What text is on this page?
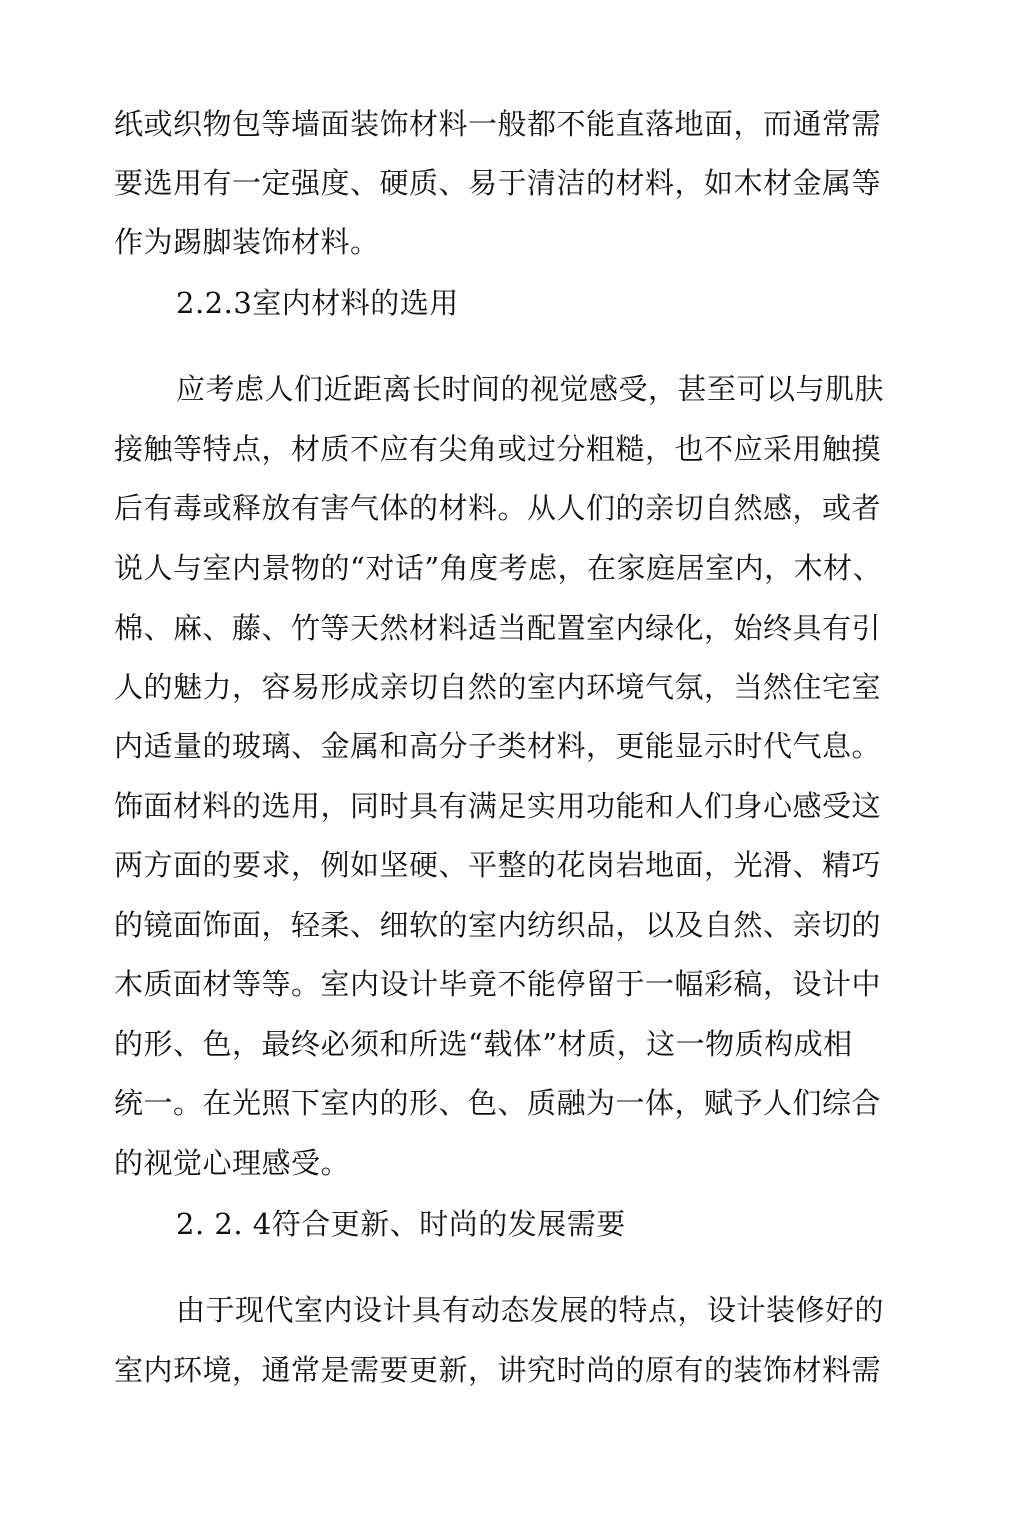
纸或织物包等墙面装饰材料一般都不能直落地面，而通常需
要选用有一定强度、硬质、易于清洁的材料，如木材金属等
作为踢脚装饰材料。
2.2.3室内材料的选用
应考虑人们近距离长时间的视觉感受，甚至可以与肌肤
接触等特点，材质不应有尖角或过分粗糙，也不应采用触摸
后有毒或释放有害气体的材料。从人们的亲切自然感，或者
说人与室内景物的“对话”角度考虑，在家庭居室内，木材、
棉、麻、藤、竹等天然材料适当配置室内绿化，始终具有引
人的魅力，容易形成亲切自然的室内环境气氛，当然住宅室
内适量的玻璃、金属和高分子类材料，更能显示时代气息。
饰面材料的选用，同时具有满足实用功能和人们身心感受这
两方面的要求，例如坚硬、平整的花岗岩地面，光滑、精巧
的镜面饰面，轻柔、细软的室内纺织品，以及自然、亲切的
木质面材等等。室内设计毕竟不能停留于一幅彩稿，设计中
的形、色，最终必须和所选“载体”材质，这一物质构成相
统一。在光照下室内的形、色、质融为一体，赋予人们综合
的视觉心理感受。
2. 2. 4符合更新、时尚的发展需要
由于现代室内设计具有动态发展的特点，设计装修好的
室内环境，通常是需要更新，讲究时尚的原有的装饰材料需
